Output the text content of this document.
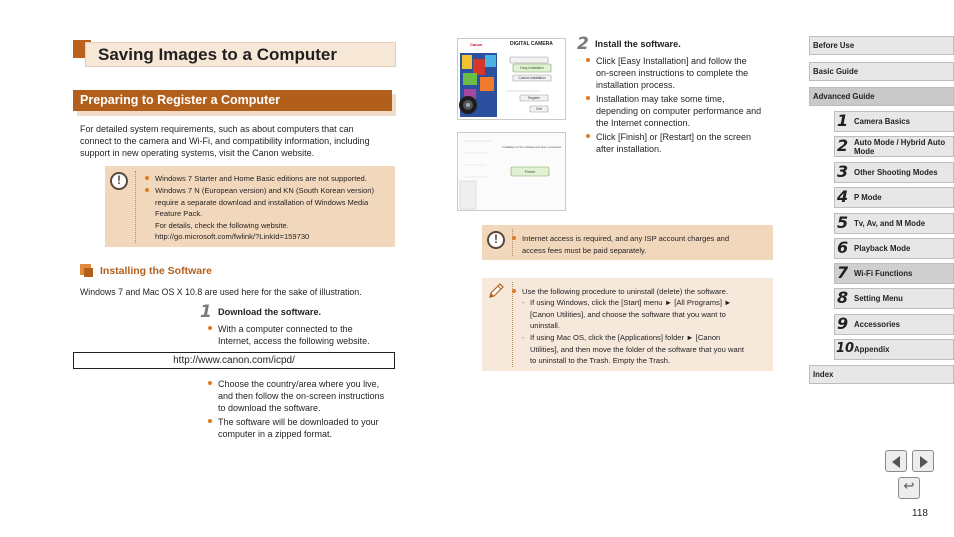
Saving Images to a Computer
Preparing to Register a Computer
For detailed system requirements, such as about computers that can
connect to the camera and Wi-Fi, and compatibility information, including
support in new operating systems, visit the Canon website.
!
Windows 7 Starter and Home Basic editions are not supported.
Windows 7 N (European version) and KN (South Korean version)
require a separate download and installation of Windows Media
Feature Pack.
For details, check the following website.
http://go.microsoft.com/fwlink/?LinkId=159730
Installing the Software
Windows 7 and Mac OS X 10.8 are used here for the sake of illustration.
1 Download the software.
With a computer connected to the
Internet, access the following website.
http://www.canon.com/icpd/
Choose the country/area where you live,
and then follow the on-screen instructions
to download the software.
The software will be downloaded to your
computer in a zipped format.
Canon	DIGITAL CAMERA
Easy Installation
Custom Installation
Register
Exit
Installation of the software has been completed.
Finish
2 Install the software.
Click [Easy Installation] and follow the
on-screen instructions to complete the
installation process.
Installation may take some time,
depending on computer performance and
the Internet connection.
Click [Finish] or [Restart] on the screen
after installation.
!
Internet access is required, and any ISP account charges and
access fees must be paid separately.
Use the following procedure to uninstall (delete) the software.
- If using Windows, click the [Start] menu ► [All Programs] ►
[Canon Utilities], and choose the software that you want to
uninstall.
- If using Mac OS, click the [Applications] folder ► [Canon
Utilities], and then move the folder of the software that you want
to uninstall to the Trash. Empty the Trash.
Before Use
Basic Guide
Advanced Guide
1 Camera Basics
2 Auto Mode / Hybrid Auto Mode
3 Other Shooting Modes
4 P Mode
5 Tv, Av, and M Mode
6 Playback Mode
7 Wi-Fi Functions
8 Setting Menu
9 Accessories
10 Appendix
Index
↩
118
